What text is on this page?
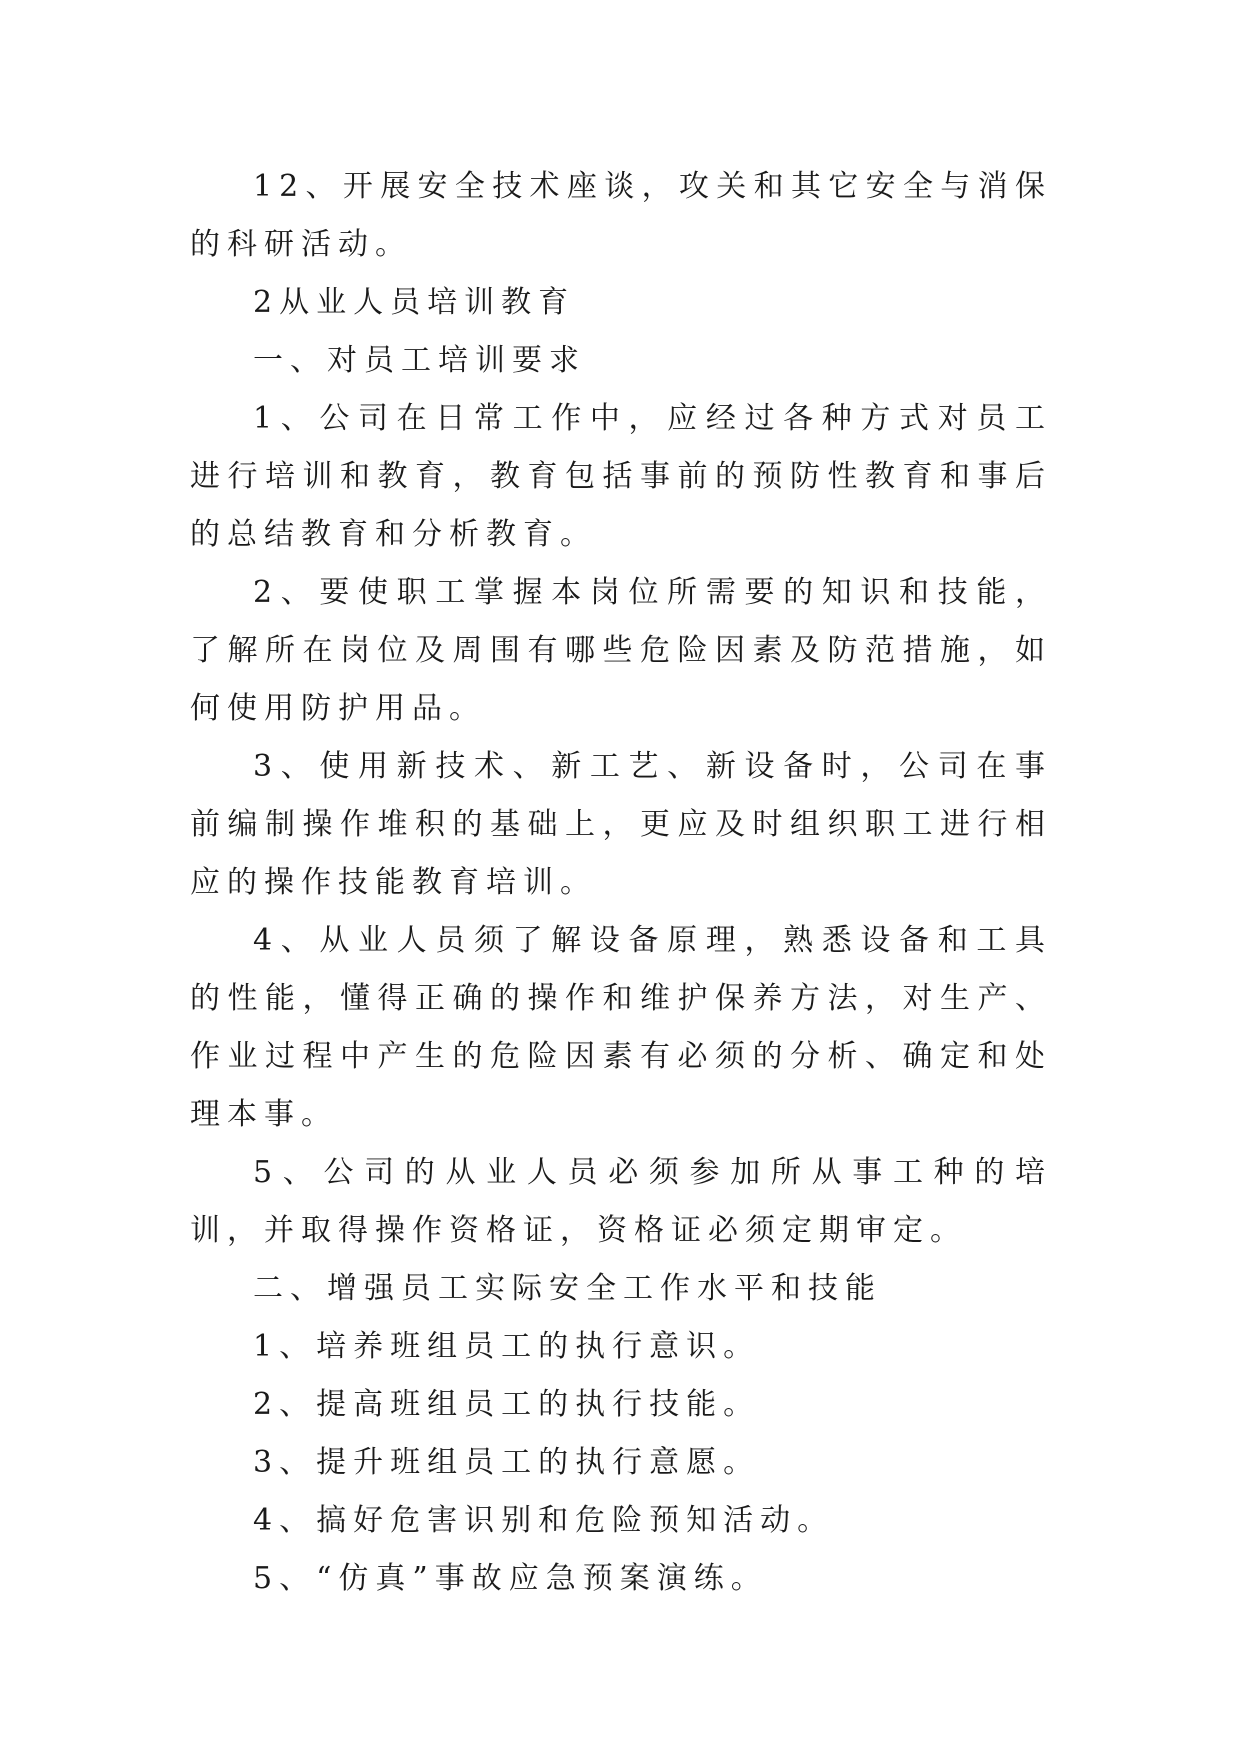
12、开展安全技术座谈，攻关和其它安全与消保的科研活动。

2从业人员培训教育

一、对员工培训要求

1、公司在日常工作中，应经过各种方式对员工进行培训和教育，教育包括事前的预防性教育和事后的总结教育和分析教育。

2、要使职工掌握本岗位所需要的知识和技能，了解所在岗位及周围有哪些危险因素及防范措施，如何使用防护用品。

3、使用新技术、新工艺、新设备时，公司在事前编制操作堆积的基础上，更应及时组织职工进行相应的操作技能教育培训。

4、从业人员须了解设备原理，熟悉设备和工具的性能，懂得正确的操作和维护保养方法，对生产、作业过程中产生的危险因素有必须的分析、确定和处理本事。

5、公司的从业人员必须参加所从事工种的培训，并取得操作资格证，资格证必须定期审定。

二、增强员工实际安全工作水平和技能

1、培养班组员工的执行意识。

2、提高班组员工的执行技能。

3、提升班组员工的执行意愿。

4、搞好危害识别和危险预知活动。

5、“仿真”事故应急预案演练。
